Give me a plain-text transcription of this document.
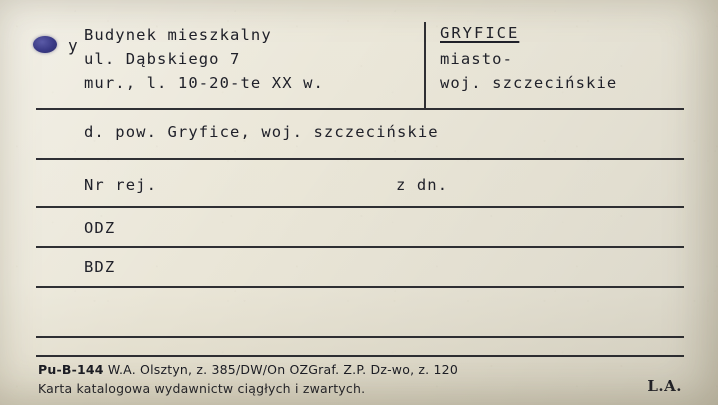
y
Budynek mieszkalny
ul. Dąbskiego 7
mur., l. 10-20-te XX w.
GRYFICE
miasto-
woj. szczecińskie
d. pow. Gryfice, woj. szczecińskie
Nr rej.	z dn.
ODZ
BDZ
Pu-B-144 W.A. Olsztyn, z. 385/DW/On OZGraf. Z.P. Dz-wo, z. 120
Karta katalogowa wydawnictw ciągłych i zwartych.	L.A.
